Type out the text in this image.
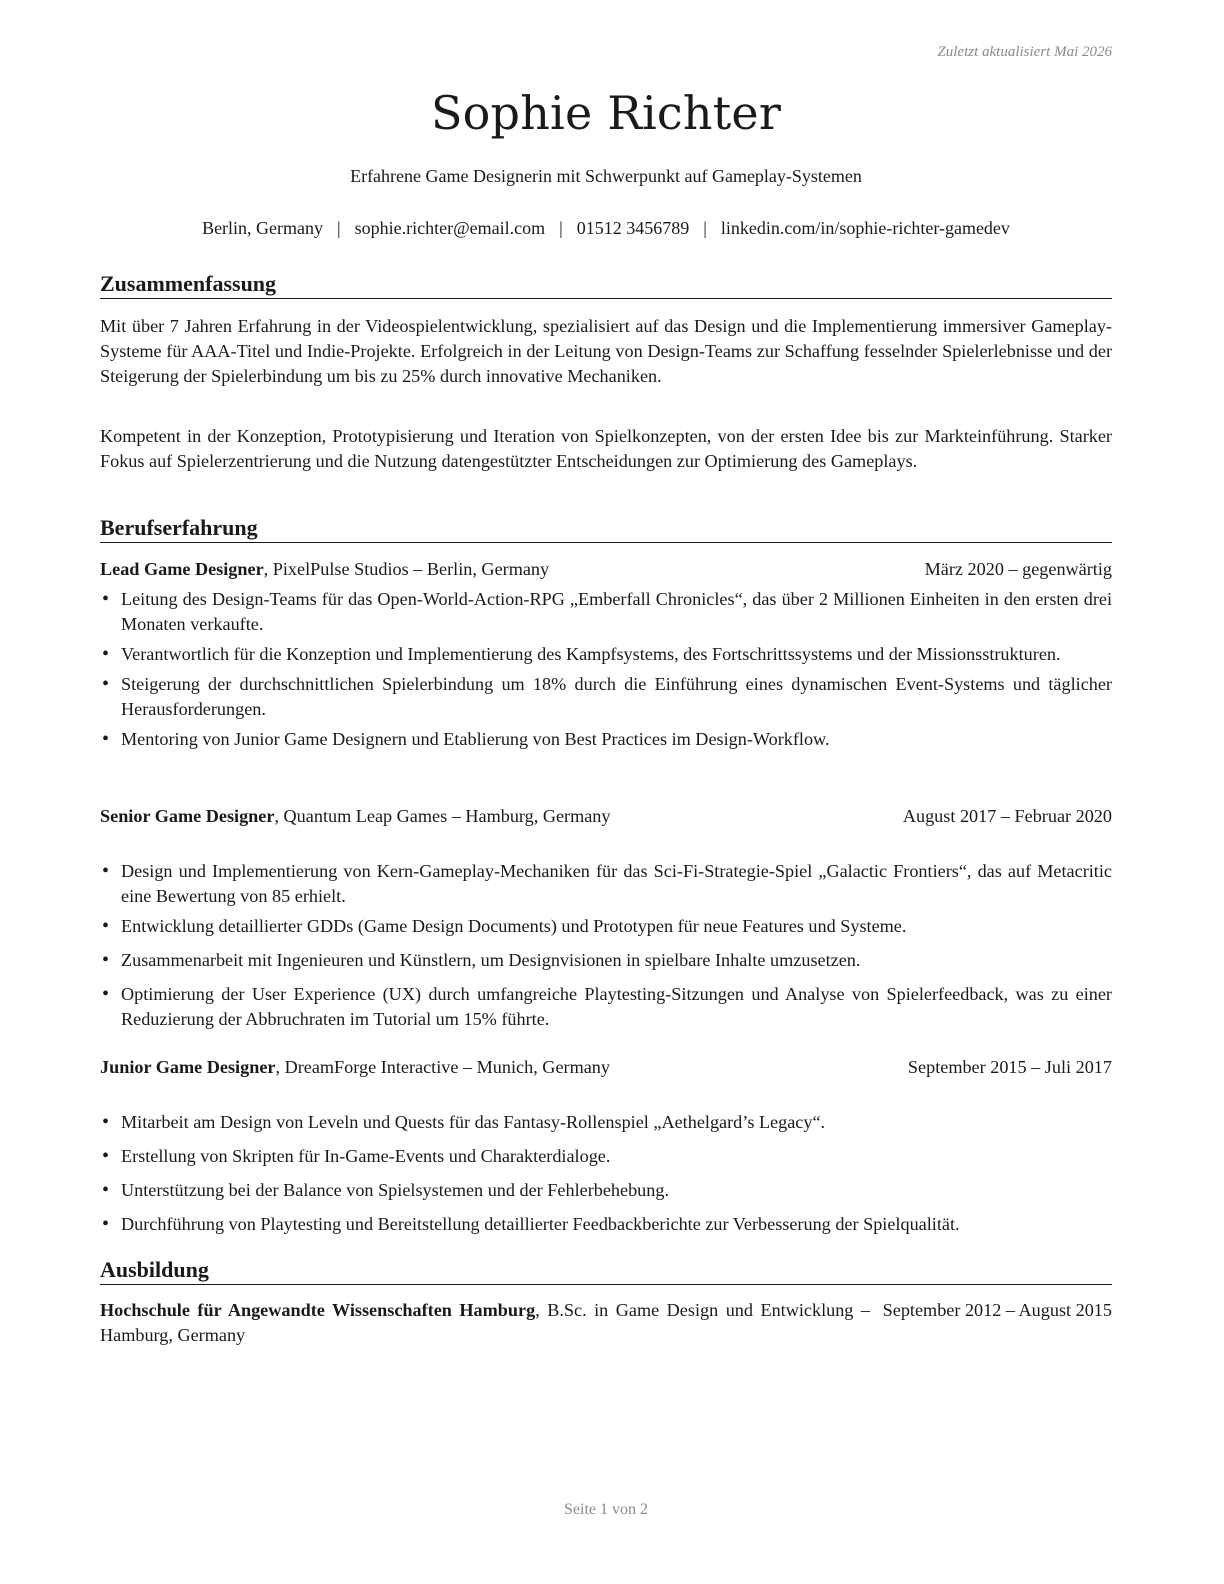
Zuletzt aktualisiert Mai 2026
Sophie Richter
Erfahrene Game Designerin mit Schwerpunkt auf Gameplay-Systemen
Berlin, Germany | sophie.richter@email.com | 01512 3456789 | linkedin.com/in/sophie-richter-gamedev
Zusammenfassung

Mit über 7 Jahren Erfahrung in der Videospielentwicklung, spezialisiert auf das Design und die Implementierung immersiver Gameplay-Systeme für AAA-Titel und Indie-Projekte. Erfolgreich in der Leitung von Design-Teams zur Schaffung fesselnder Spielerlebnisse und der Steigerung der Spielerbindung um bis zu 25% durch innovative Mechaniken.

Kompetent in der Konzeption, Prototypisierung und Iteration von Spielkonzepten, von der ersten Idee bis zur Markteinführung. Starker Fokus auf Spielerzentrierung und die Nutzung datengestützter Entscheidungen zur Optimierung des Gameplays.

Berufserfahrung
Lead Game Designer, PixelPulse Studios – Berlin, Germany	März 2020 – gegenwärtig
• Leitung des Design-Teams für das Open-World-Action-RPG „Emberfall Chronicles“, das über 2 Millionen Einheiten in den ersten drei Monaten verkaufte.
• Verantwortlich für die Konzeption und Implementierung des Kampfsystems, des Fortschrittssystems und der Missionsstrukturen.
• Steigerung der durchschnittlichen Spielerbindung um 18% durch die Einführung eines dynamischen Event-Systems und täglicher Herausforderungen.
• Mentoring von Junior Game Designern und Etablierung von Best Practices im Design-Workflow.
Senior Game Designer, Quantum Leap Games – Hamburg, Germany	August 2017 – Februar 2020
• Design und Implementierung von Kern-Gameplay-Mechaniken für das Sci-Fi-Strategie-Spiel „Galactic Frontiers“, das auf Metacritic eine Bewertung von 85 erhielt.
• Entwicklung detaillierter GDDs (Game Design Documents) und Prototypen für neue Features und Systeme.
• Zusammenarbeit mit Ingenieuren und Künstlern, um Designvisionen in spielbare Inhalte umzusetzen.
• Optimierung der User Experience (UX) durch umfangreiche Playtesting-Sitzungen und Analyse von Spielerfeedback, was zu einer Reduzierung der Abbruchraten im Tutorial um 15% führte.
Junior Game Designer, DreamForge Interactive – Munich, Germany	September 2015 – Juli 2017
• Mitarbeit am Design von Leveln und Quests für das Fantasy-Rollenspiel „Aethelgard’s Legacy“.
• Erstellung von Skripten für In-Game-Events und Charakterdialoge.
• Unterstützung bei der Balance von Spielsystemen und der Fehlerbehebung.
• Durchführung von Playtesting und Bereitstellung detaillierter Feedbackberichte zur Verbesserung der Spielqualität.
Ausbildung
Hochschule für Angewandte Wissenschaften Hamburg, B.Sc. in Game Design und Entwicklung – Hamburg, Germany
September 2012 – August 2015
Seite 1 von 2
